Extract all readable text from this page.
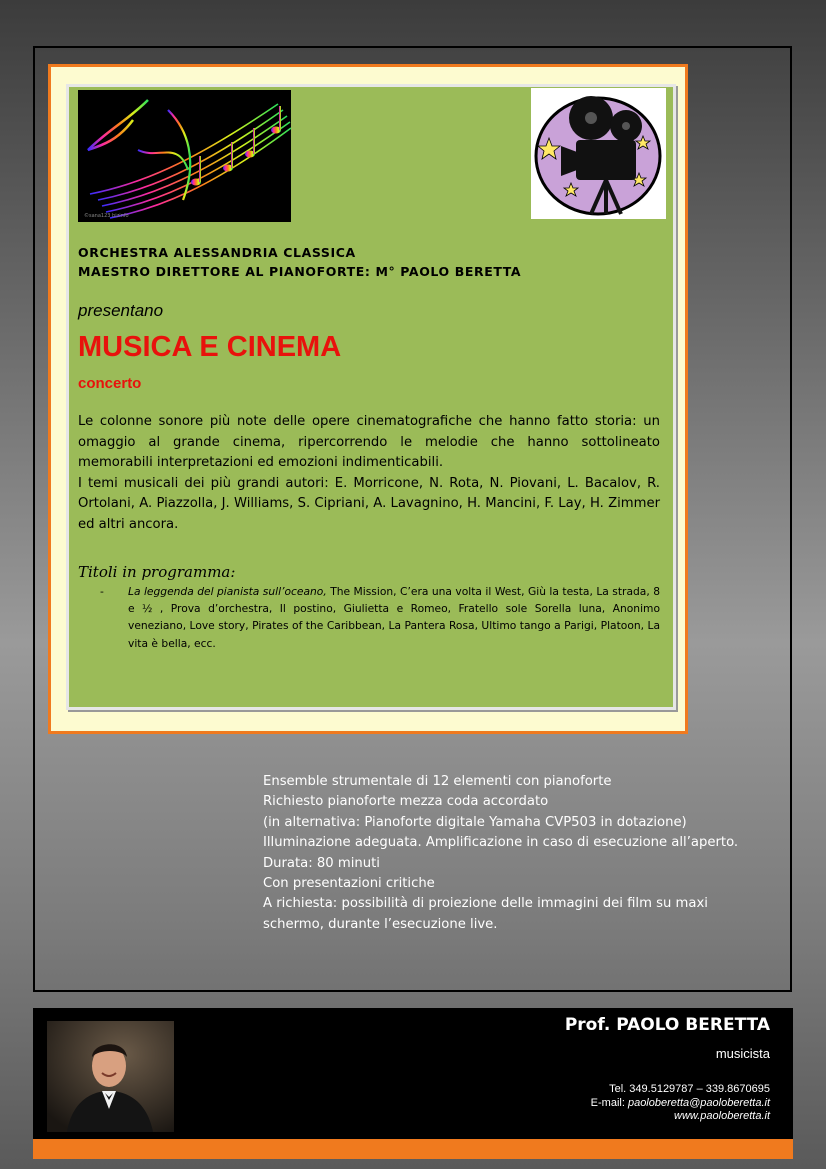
©sana123 bizinfo
ORCHESTRA ALESSANDRIA CLASSICA
MAESTRO DIRETTORE AL PIANOFORTE: M° PAOLO BERETTA
presentano
MUSICA E CINEMA
concerto

Le colonne sonore più note delle opere cinematografiche che hanno fatto storia: un omaggio al grande cinema, ripercorrendo le melodie che hanno sottolineato memorabili interpretazioni ed emozioni indimenticabili.

I temi musicali dei più grandi autori: E. Morricone, N. Rota, N. Piovani, L. Bacalov, R. Ortolani, A. Piazzolla, J. Williams, S. Cipriani, A. Lavagnino, H. Mancini, F. Lay, H. Zimmer ed altri ancora.

Titoli in programma:
- La leggenda del pianista sull’oceano, The Mission, C’era una volta il West, Giù la testa, La strada, 8 e ½ , Prova d’orchestra, Il postino, Giulietta e Romeo, Fratello sole Sorella luna, Anonimo veneziano, Love story, Pirates of the Caribbean, La Pantera Rosa, Ultimo tango a Parigi, Platoon, La vita è bella, ecc.
Ensemble strumentale di 12 elementi con pianoforte
Richiesto pianoforte mezza coda accordato
(in alternativa: Pianoforte digitale Yamaha CVP503 in dotazione)
Illuminazione adeguata. Amplificazione in caso di esecuzione all’aperto.
Durata: 80 minuti
Con presentazioni critiche
A richiesta: possibilità di proiezione delle immagini dei film su maxi
schermo, durante l’esecuzione live.
Prof. PAOLO BERETTA
musicista
Tel. 349.5129787 – 339.8670695
E-mail: paoloberetta@paoloberetta.it
www.paoloberetta.it
